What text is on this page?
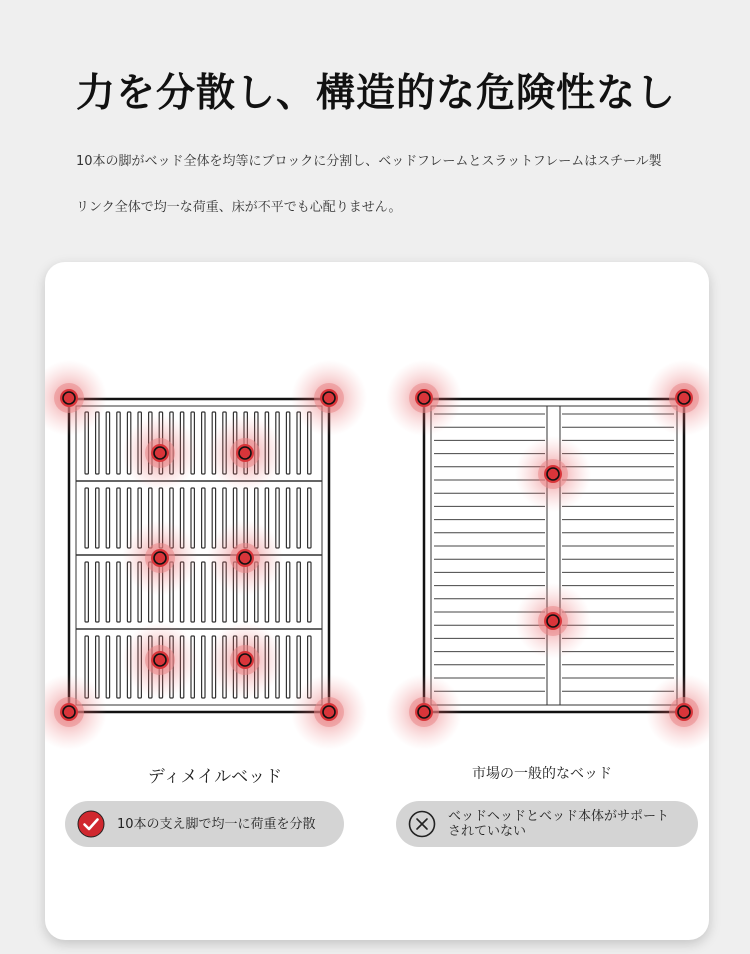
力を分散し、構造的な危険性なし

10本の脚がベッド全体を均等にブロックに分割し、ベッドフレームとスラットフレームはスチール製

リンク全体で均一な荷重、床が不平でも心配りません。

ディメイルベッド	市場の一般的なベッド

10本の支え脚で均一に荷重を分散	ベッドヘッドとベッド本体がサポートされていない
